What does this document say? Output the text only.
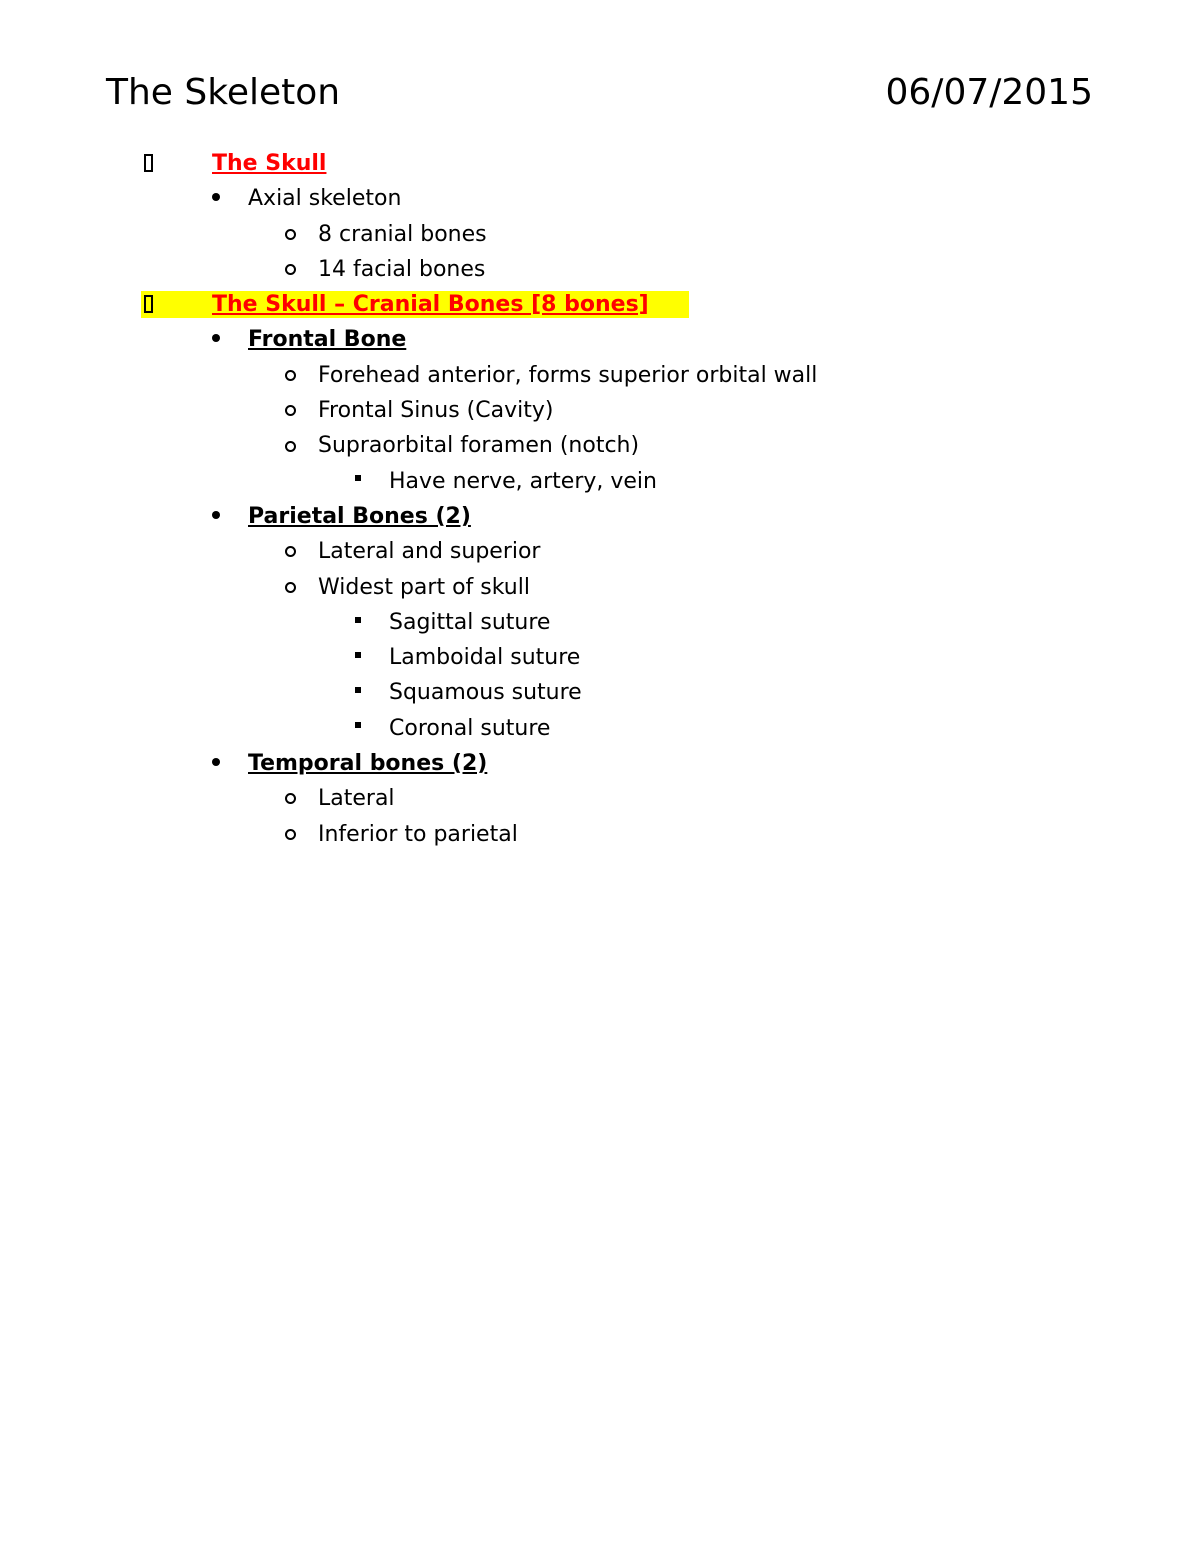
The Skeleton	06/07/2015
The Skull
Axial skeleton
8 cranial bones
14 facial bones
The Skull – Cranial Bones [8 bones]
Frontal Bone
Forehead anterior, forms superior orbital wall
Frontal Sinus (Cavity)
Supraorbital foramen (notch)
Have nerve, artery, vein
Parietal Bones (2)
Lateral and superior
Widest part of skull
Sagittal suture
Lamboidal suture
Squamous suture
Coronal suture
Temporal bones (2)
Lateral
Inferior to parietal
